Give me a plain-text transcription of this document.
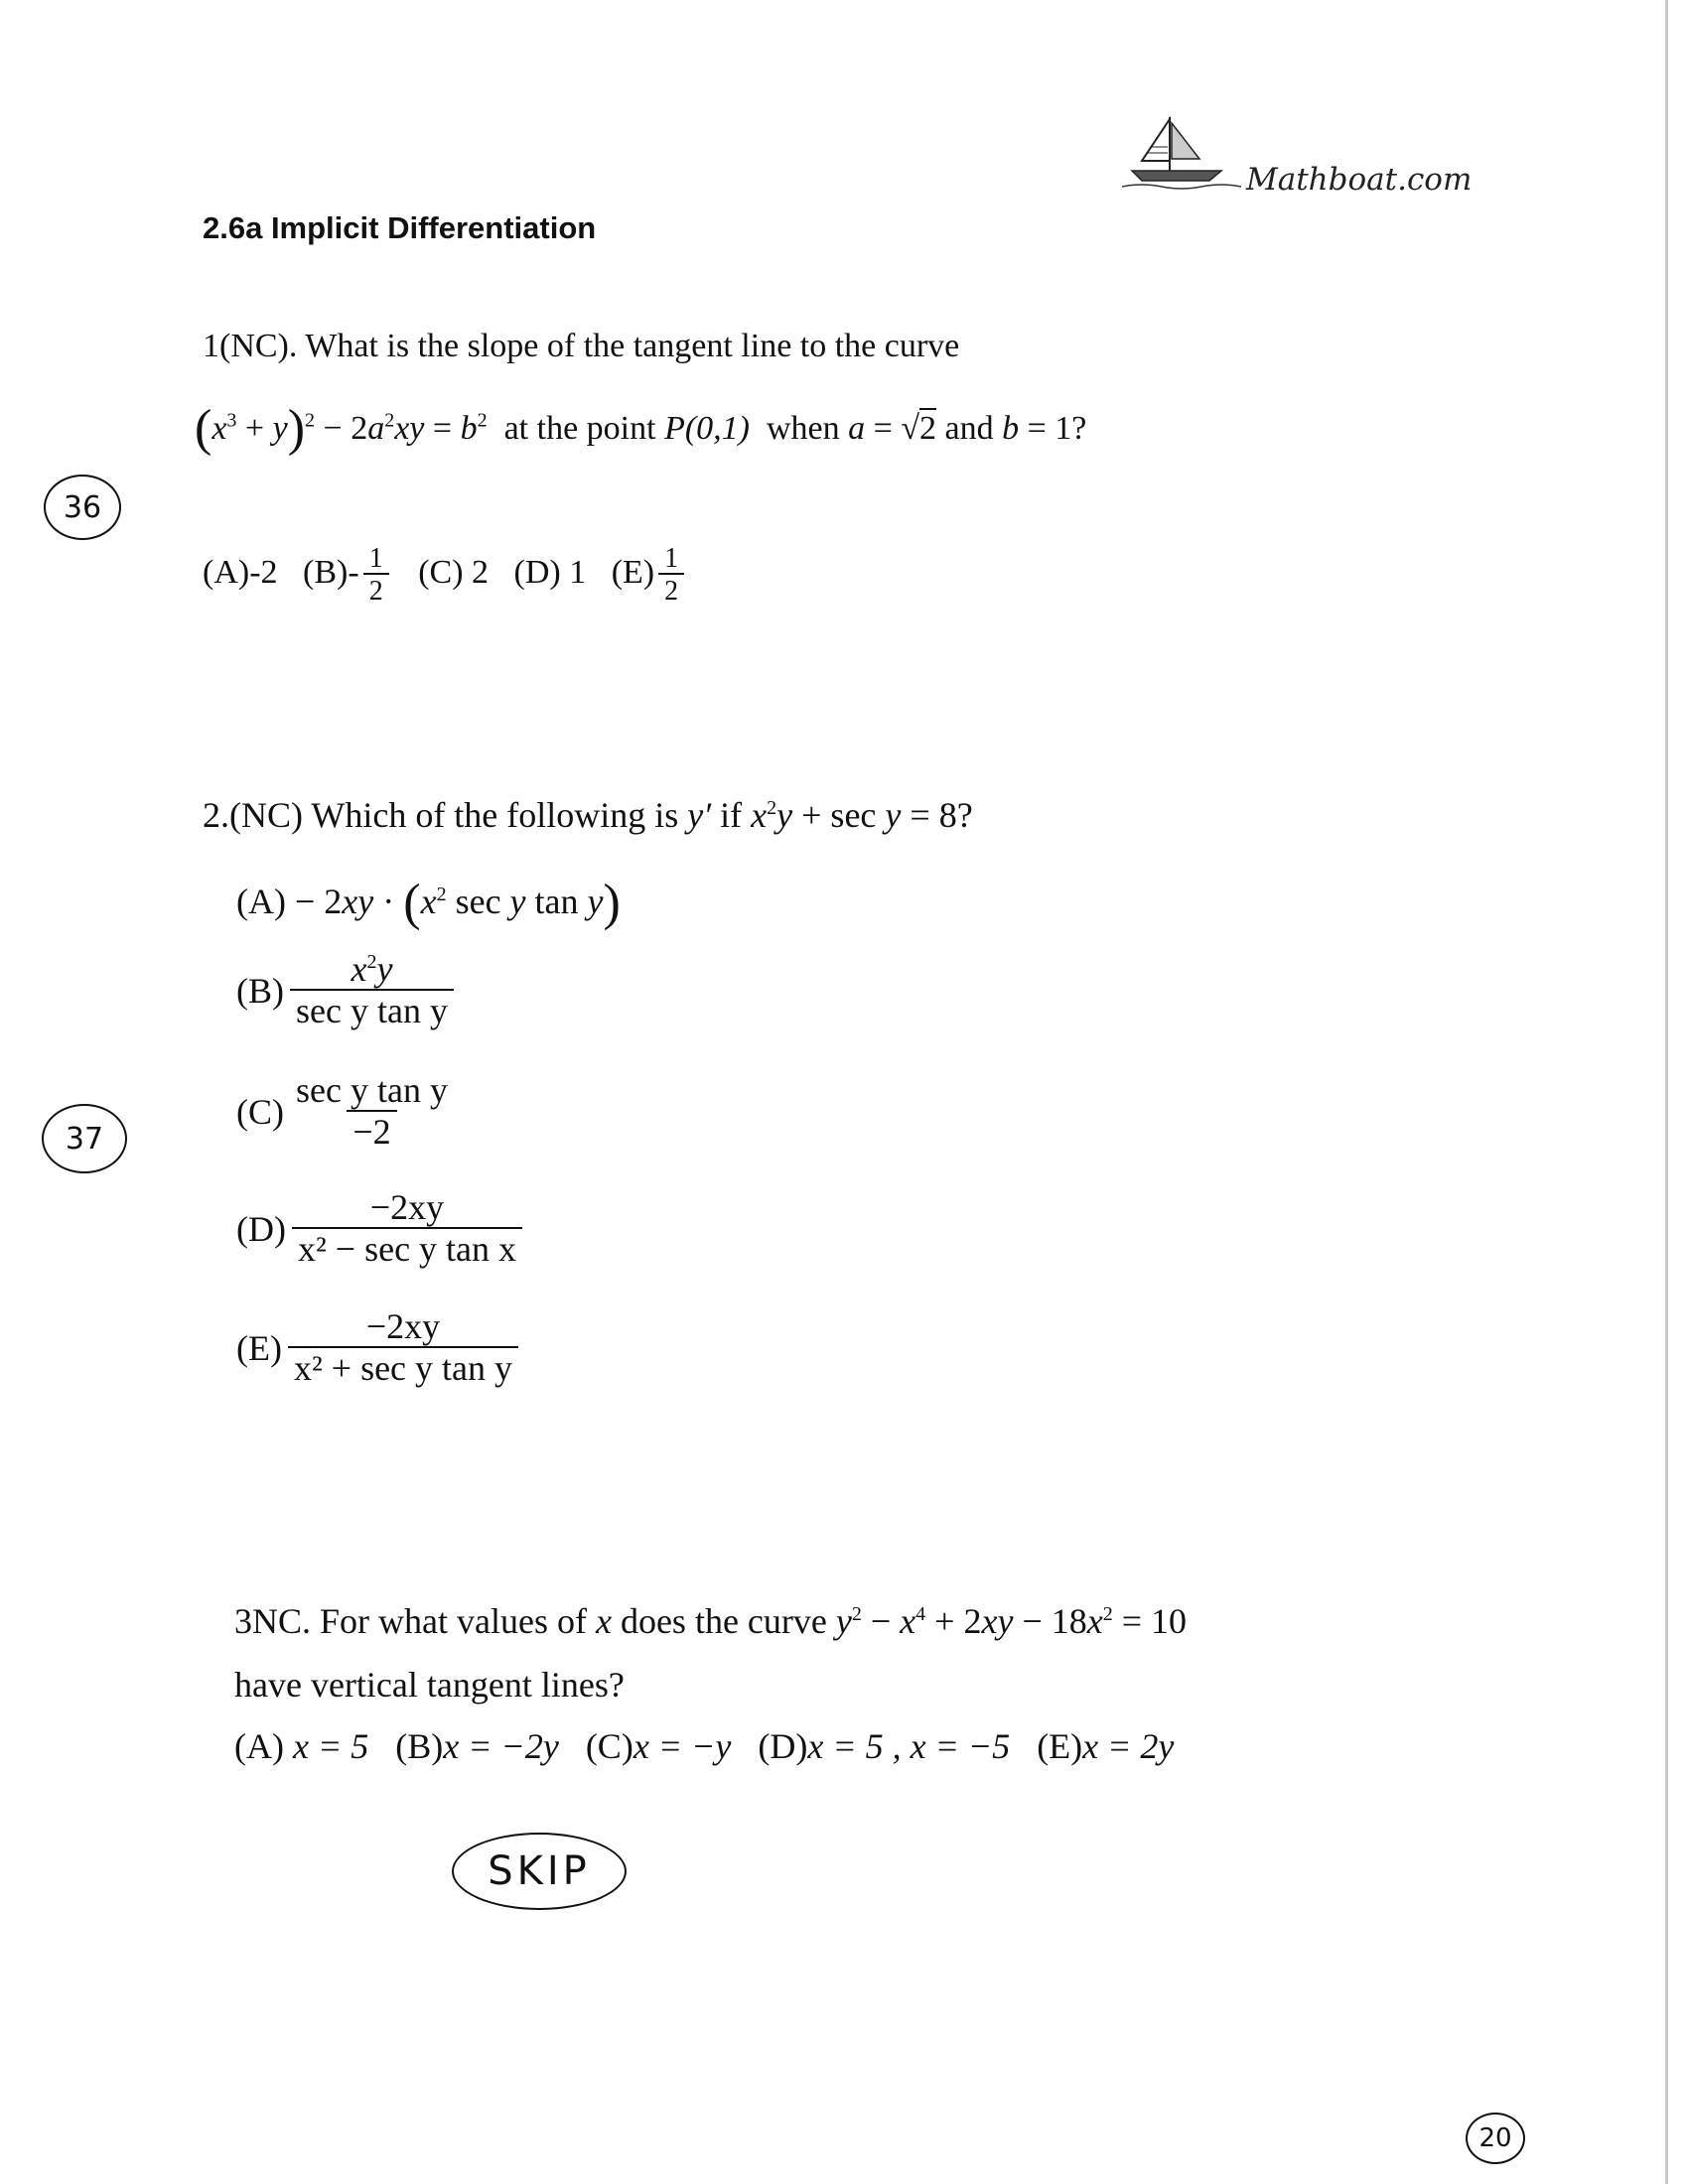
Mathboat.com
2.6a Implicit Differentiation
1(NC). What is the slope of the tangent line to the curve
$(x^3 + y)^2 - 2a^2xy = b^2$ at the point P(0,1) when a = √2 and b = 1?
36
(A)-2 $(B)- \frac{1}{2} (C)$ 2 (D) 1 $(E) \frac{1}{2}$
2.(NC) Which of the following is y′ if $x^2y + \sec y = 8$?
$(A) - 2xy \cdot (x^2$ sec y tan y)
$(B) \frac{x^2y}{\text{sec y tan y}}$
37
$(C) \frac{\text{sec y tan y}}{-2}$
$(D) \frac{-2xy}{\text{x² − sec y tan x}}$
$(E) \frac{-2xy}{\text{x² + sec y tan y}}$
3NC. For what values of x does the curve $y^2 - x^4 + 2xy - 18x^2 = 10$
have vertical tangent lines?
(A) x = 5 (B)x = −2y (C)x = −y (D)x = 5 , x = −5 (E)x = 2y
SKIP
20
